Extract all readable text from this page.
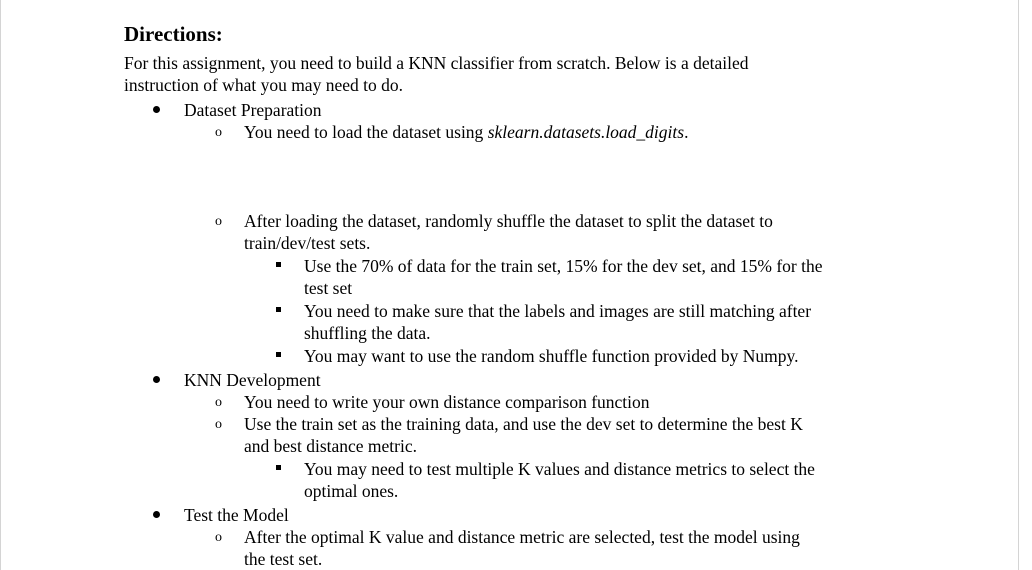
Directions:
For this assignment, you need to build a KNN classifier from scratch. Below is a detailed
instruction of what you may need to do.
Dataset Preparation
o You need to load the dataset using sklearn.datasets.load_digits.
o After loading the dataset, randomly shuffle the dataset to split the dataset to
train/dev/test sets.
Use the 70% of data for the train set, 15% for the dev set, and 15% for the
test set
You need to make sure that the labels and images are still matching after
shuffling the data.
You may want to use the random shuffle function provided by Numpy.
KNN Development
o You need to write your own distance comparison function
o Use the train set as the training data, and use the dev set to determine the best K
and best distance metric.
You may need to test multiple K values and distance metrics to select the
optimal ones.
Test the Model
o After the optimal K value and distance metric are selected, test the model using
the test set.
